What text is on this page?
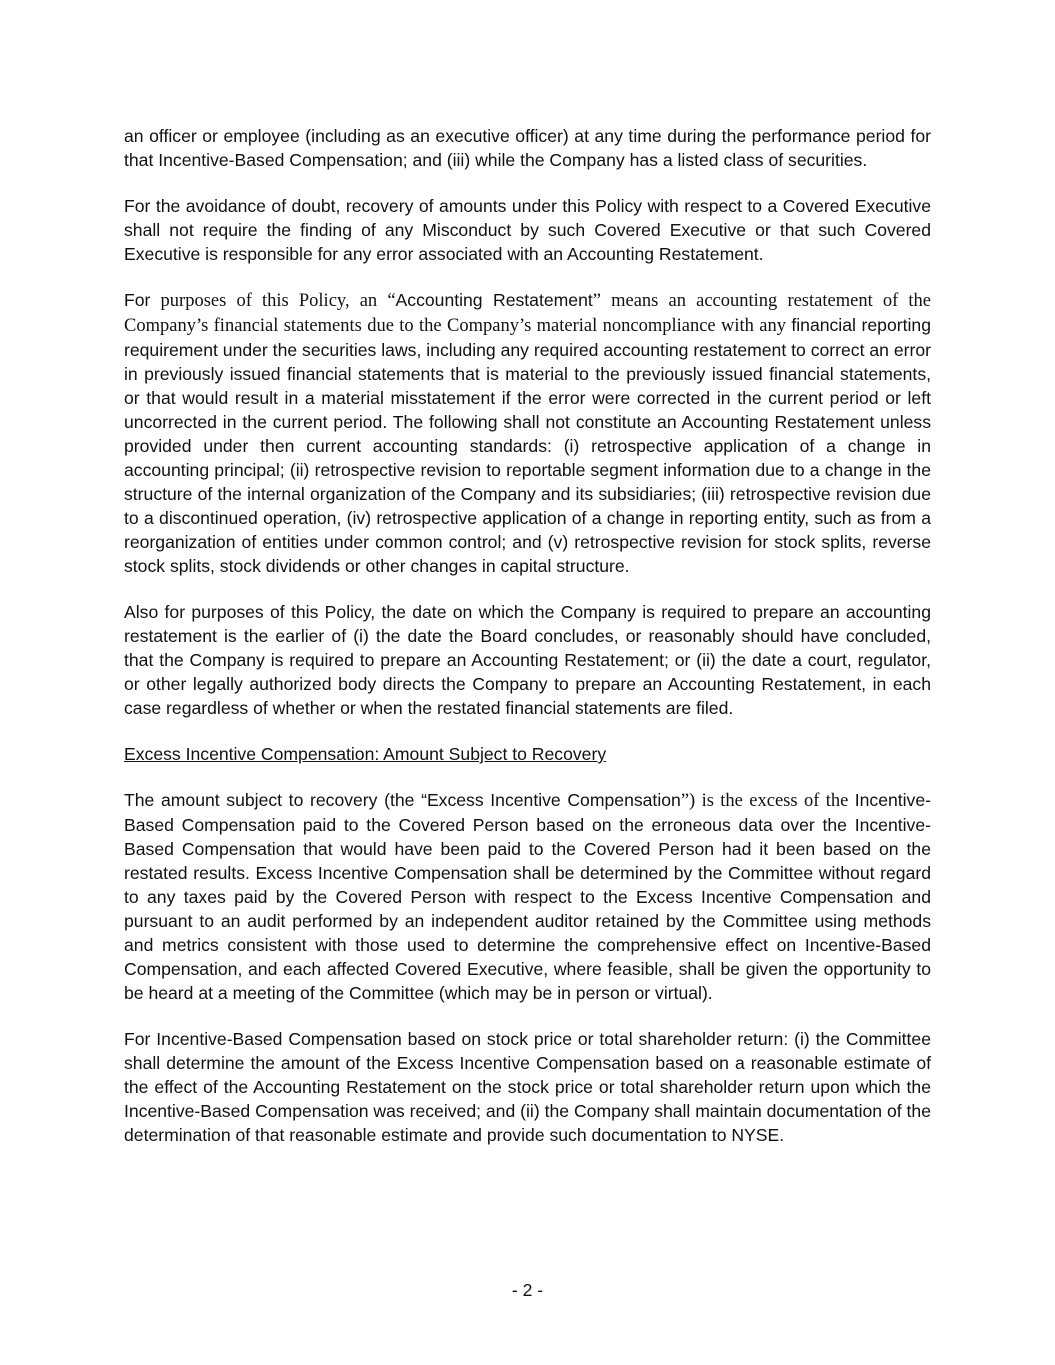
an officer or employee (including as an executive officer) at any time during the performance period for that Incentive-Based Compensation; and (iii) while the Company has a listed class of securities.

For the avoidance of doubt, recovery of amounts under this Policy with respect to a Covered Executive shall not require the finding of any Misconduct by such Covered Executive or that such Covered Executive is responsible for any error associated with an Accounting Restatement.

For purposes of this Policy, an “Accounting Restatement” means an accounting restatement of the Company’s financial statements due to the Company’s material noncompliance with any financial reporting requirement under the securities laws, including any required accounting restatement to correct an error in previously issued financial statements that is material to the previously issued financial statements, or that would result in a material misstatement if the error were corrected in the current period or left uncorrected in the current period. The following shall not constitute an Accounting Restatement unless provided under then current accounting standards: (i) retrospective application of a change in accounting principal; (ii) retrospective revision to reportable segment information due to a change in the structure of the internal organization of the Company and its subsidiaries; (iii) retrospective revision due to a discontinued operation, (iv) retrospective application of a change in reporting entity, such as from a reorganization of entities under common control; and (v) retrospective revision for stock splits, reverse stock splits, stock dividends or other changes in capital structure.

Also for purposes of this Policy, the date on which the Company is required to prepare an accounting restatement is the earlier of (i) the date the Board concludes, or reasonably should have concluded, that the Company is required to prepare an Accounting Restatement; or (ii) the date a court, regulator, or other legally authorized body directs the Company to prepare an Accounting Restatement, in each case regardless of whether or when the restated financial statements are filed.

Excess Incentive Compensation: Amount Subject to Recovery

The amount subject to recovery (the “Excess Incentive Compensation”) is the excess of the Incentive-Based Compensation paid to the Covered Person based on the erroneous data over the Incentive-Based Compensation that would have been paid to the Covered Person had it been based on the restated results. Excess Incentive Compensation shall be determined by the Committee without regard to any taxes paid by the Covered Person with respect to the Excess Incentive Compensation and pursuant to an audit performed by an independent auditor retained by the Committee using methods and metrics consistent with those used to determine the comprehensive effect on Incentive-Based Compensation, and each affected Covered Executive, where feasible, shall be given the opportunity to be heard at a meeting of the Committee (which may be in person or virtual).

For Incentive-Based Compensation based on stock price or total shareholder return: (i) the Committee shall determine the amount of the Excess Incentive Compensation based on a reasonable estimate of the effect of the Accounting Restatement on the stock price or total shareholder return upon which the Incentive-Based Compensation was received; and (ii) the Company shall maintain documentation of the determination of that reasonable estimate and provide such documentation to NYSE.

- 2 -
